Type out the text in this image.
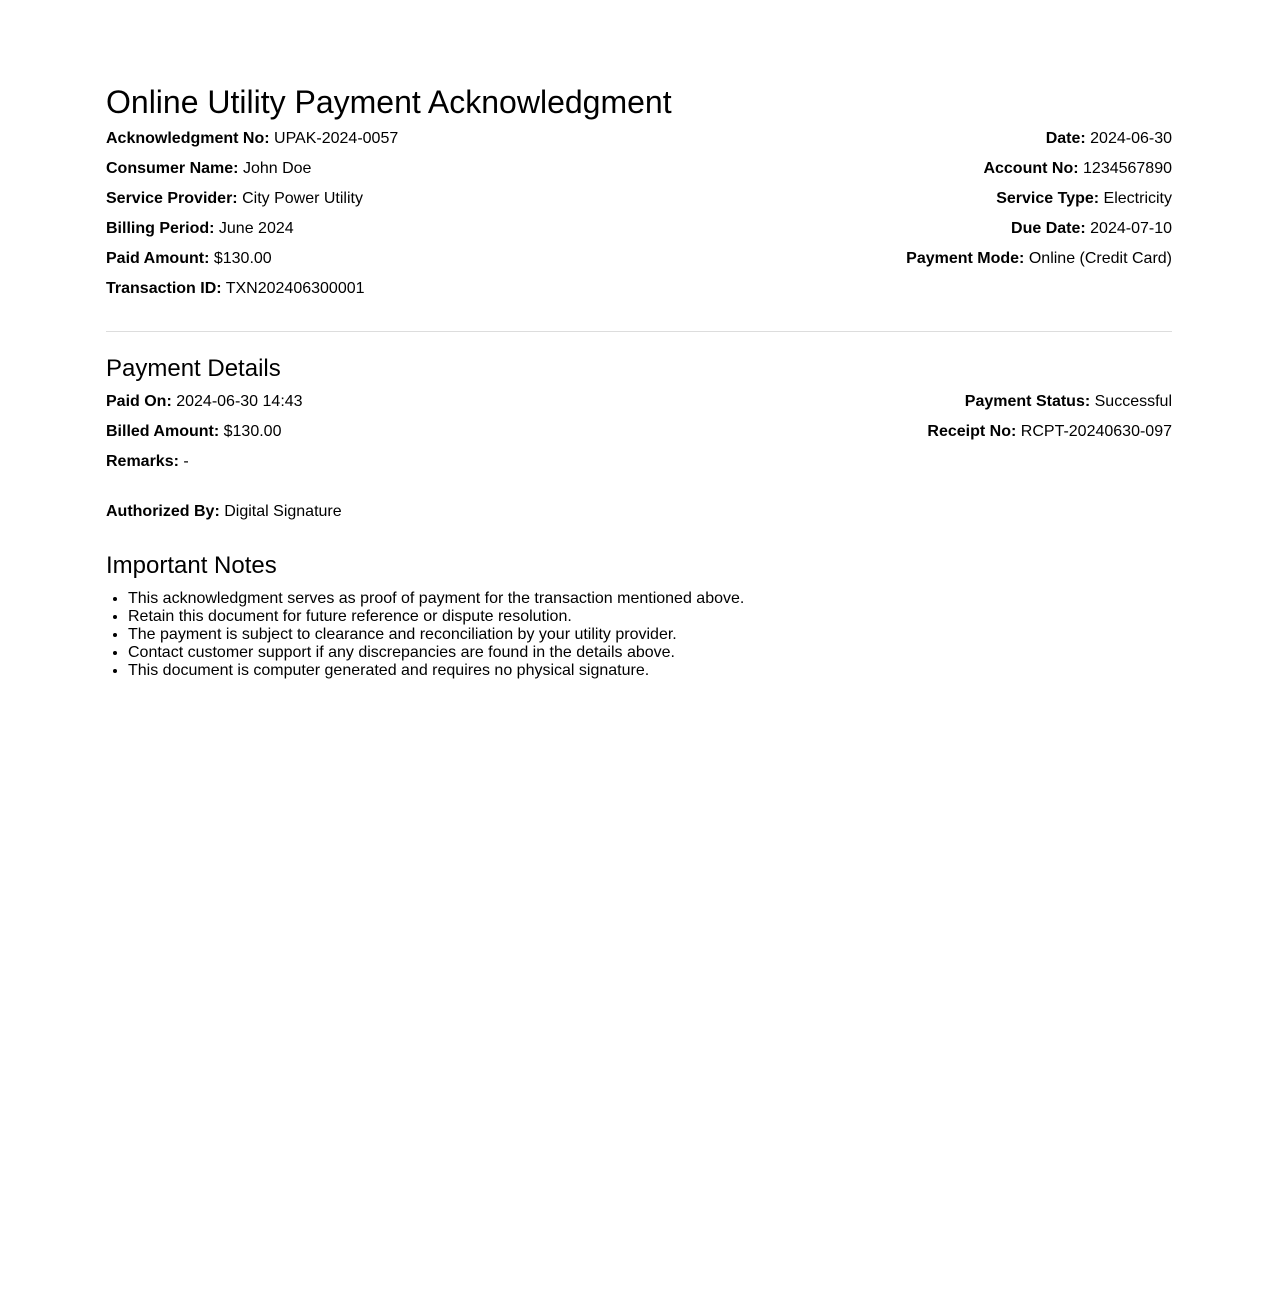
Online Utility Payment Acknowledgment
Acknowledgment No: UPAK-2024-0057
Consumer Name: John Doe
Service Provider: City Power Utility
Billing Period: June 2024
Paid Amount: $130.00
Transaction ID: TXN202406300001
Date: 2024-06-30
Account No: 1234567890
Service Type: Electricity
Due Date: 2024-07-10
Payment Mode: Online (Credit Card)
Payment Details
Paid On: 2024-06-30 14:43
Billed Amount: $130.00
Remarks: -
Payment Status: Successful
Receipt No: RCPT-20240630-097
Authorized By: Digital Signature
Important Notes
• This acknowledgment serves as proof of payment for the transaction mentioned above.
• Retain this document for future reference or dispute resolution.
• The payment is subject to clearance and reconciliation by your utility provider.
• Contact customer support if any discrepancies are found in the details above.
• This document is computer generated and requires no physical signature.
